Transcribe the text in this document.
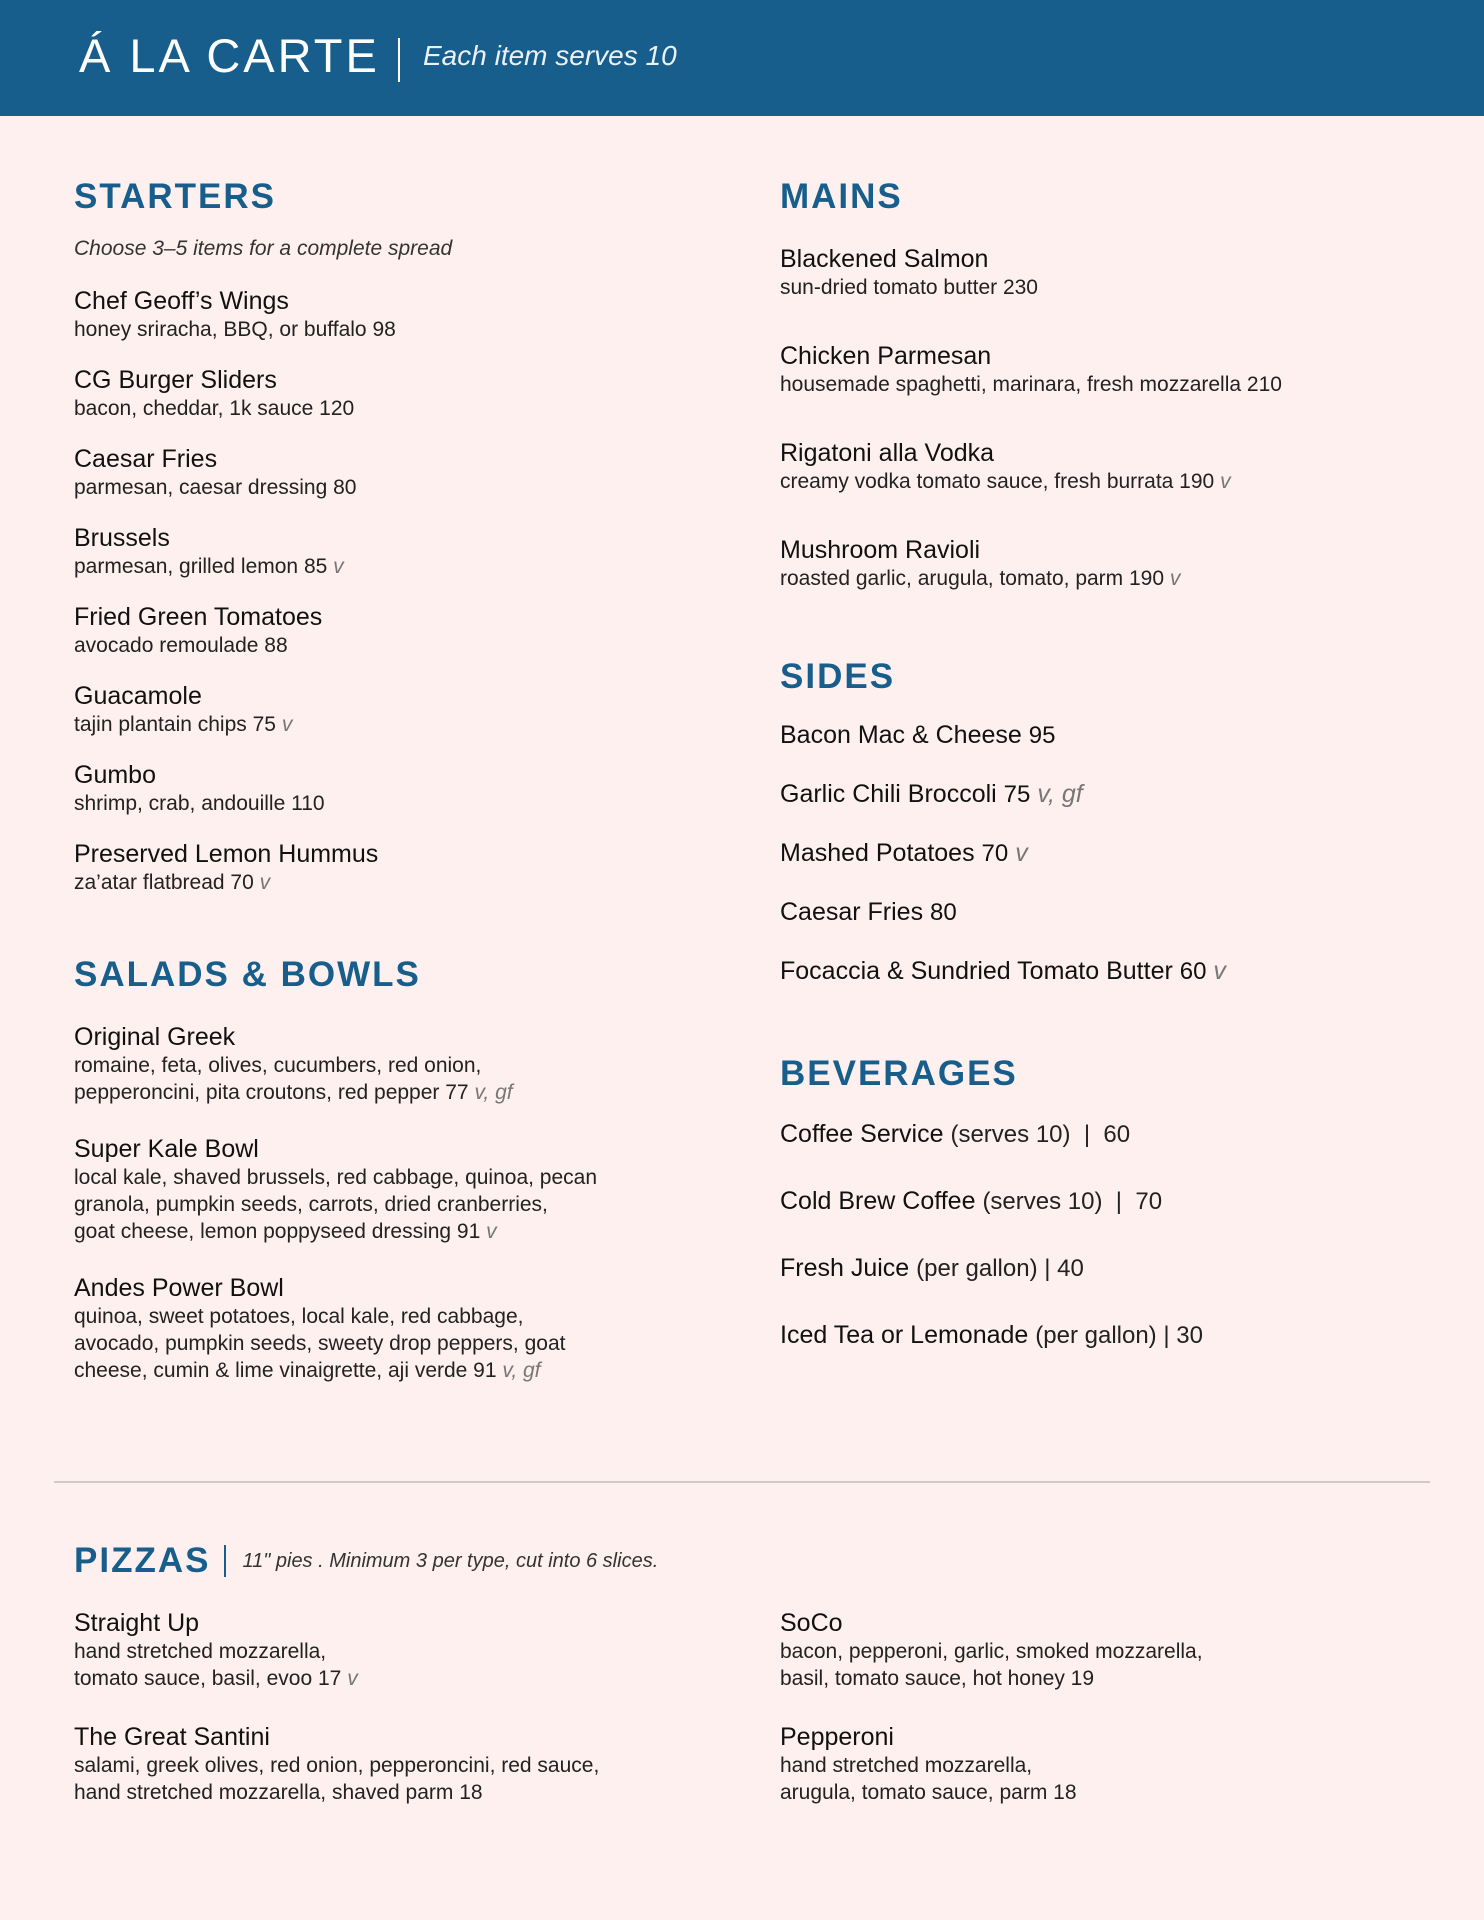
Á LA CARTE Each item serves 10
STARTERS
Choose 3–5 items for a complete spread
Chef Geoff’s Wings
honey sriracha, BBQ, or buffalo 98
CG Burger Sliders
bacon, cheddar, 1k sauce 120
Caesar Fries
parmesan, caesar dressing 80
Brussels
parmesan, grilled lemon 85 v
Fried Green Tomatoes
avocado remoulade 88
Guacamole
tajin plantain chips 75 v
Gumbo
shrimp, crab, andouille 110
Preserved Lemon Hummus
za’atar flatbread 70 v
SALADS & BOWLS
Original Greek
romaine, feta, olives, cucumbers, red onion,
pepperoncini, pita croutons, red pepper 77 v, gf
Super Kale Bowl
local kale, shaved brussels, red cabbage, quinoa, pecan
granola, pumpkin seeds, carrots, dried cranberries,
goat cheese, lemon poppyseed dressing 91 v
Andes Power Bowl
quinoa, sweet potatoes, local kale, red cabbage,
avocado, pumpkin seeds, sweety drop peppers, goat
cheese, cumin & lime vinaigrette, aji verde 91 v, gf
MAINS
Blackened Salmon
sun-dried tomato butter 230
Chicken Parmesan
housemade spaghetti, marinara, fresh mozzarella 210
Rigatoni alla Vodka
creamy vodka tomato sauce, fresh burrata 190 v
Mushroom Ravioli
roasted garlic, arugula, tomato, parm 190 v
SIDES
Bacon Mac & Cheese 95
Garlic Chili Broccoli 75 v, gf
Mashed Potatoes 70 v
Caesar Fries 80
Focaccia & Sundried Tomato Butter 60 v
BEVERAGES
Coffee Service (serves 10)  |  60
Cold Brew Coffee (serves 10)  |  70
Fresh Juice (per gallon) | 40
Iced Tea or Lemonade (per gallon) | 30
PIZZAS 11" pies . Minimum 3 per type, cut into 6 slices.
Straight Up
hand stretched mozzarella,
tomato sauce, basil, evoo 17 v
The Great Santini
salami, greek olives, red onion, pepperoncini, red sauce,
hand stretched mozzarella, shaved parm 18
SoCo
bacon, pepperoni, garlic, smoked mozzarella,
basil, tomato sauce, hot honey 19
Pepperoni
hand stretched mozzarella,
arugula, tomato sauce, parm 18
